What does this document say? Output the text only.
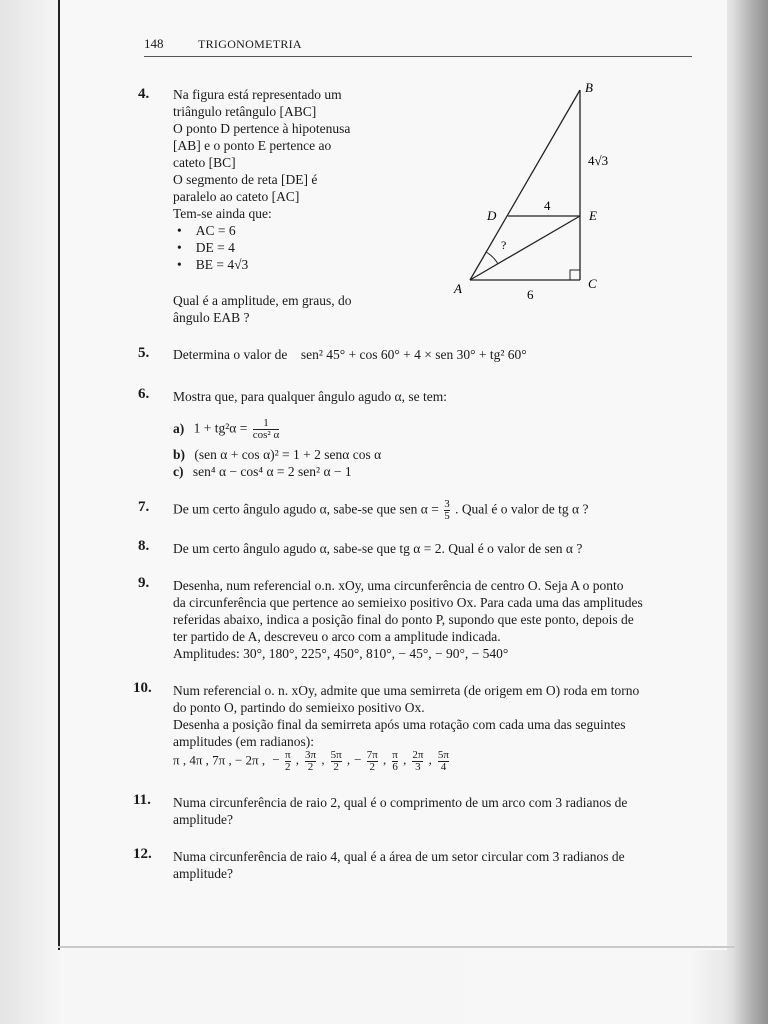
148	TRIGONOMETRIA
4. Na figura está representado um

triângulo retângulo [ABC]

O ponto D pertence à hipotenusa

[AB] e o ponto E pertence ao

cateto [BC]

O segmento de reta [DE] é

paralelo ao cateto [AC]

Tem-se ainda que:

• AC = 6

• DE = 4

• BE = 4√3

Qual é a amplitude, em graus, do

ângulo EAB ?

B
D	E
A	C
4
6
4√3
?
5. Determina o valor de sen² 45° + cos 60° + 4 × sen 30° + tg² 60°
6. Mostra que, para qualquer ângulo agudo α, se tem:
a) $1 + tg^2\alpha = \frac{1}{\text{cos² α}}$
b) (sen α + cos α)² = 1 + 2 senα cos α
c) sen⁴ α − cos⁴ α = 2 sen² α − 1
7. De um certo ângulo agudo α, sabe-se que sen $\alpha = \frac{3}{5}$ . Qual é o valor de tg α ?
8. De um certo ângulo agudo α, sabe-se que tg α = 2. Qual é o valor de sen α ?
9. Desenha, num referencial o.n. xOy, uma circunferência de centro O. Seja A o ponto

da circunferência que pertence ao semieixo positivo Ox. Para cada uma das amplitudes

referidas abaixo, indica a posição final do ponto P, supondo que este ponto, depois de

ter partido de A, descreveu o arco com a amplitude indicada.

Amplitudes: 30°, 180°, 225°, 450°, 810°, − 45°, − 90°, − 540°

10. Num referencial o. n. xOy, admite que uma semirreta (de origem em O) roda em torno

do ponto O, partindo do semieixo positivo Ox.

Desenha a posição final da semirreta após uma rotação com cada uma das seguintes

amplitudes (em radianos):

π , 4π , 7π , − 2π , − $\frac{\pi}{2}$ , $\frac{3\pi}{2}$ , $\frac{5\pi}{2}$ , − $\frac{7\pi}{2}$ , $\frac{\pi}{6}$ , $\frac{2\pi}{3}$ , $\frac{5\pi}{4}$
11. Numa circunferência de raio 2, qual é o comprimento de um arco com 3 radianos de

amplitude?

12. Numa circunferência de raio 4, qual é a área de um setor circular com 3 radianos de

amplitude?
